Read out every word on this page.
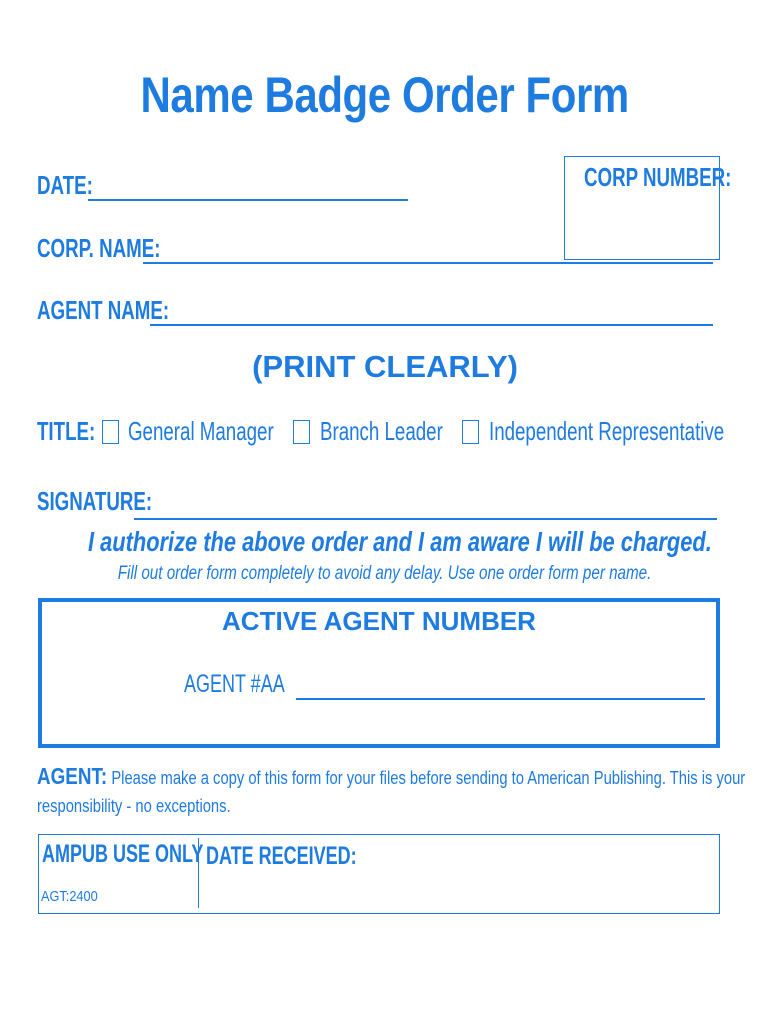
Name Badge Order Form
DATE:	CORP NUMBER:
CORP. NAME:
AGENT NAME:
(PRINT CLEARLY)
TITLE:	General Manager	Branch Leader	Independent Representative
SIGNATURE:
I authorize the above order and I am aware I will be charged.
Fill out order form completely to avoid any delay. Use one order form per name.
ACTIVE AGENT NUMBER
AGENT #AA
AGENT: Please make a copy of this form for your files before sending to American Publishing. This is your
responsibility - no exceptions.
AMPUB USE ONLY DATE RECEIVED:
AGT:2400
